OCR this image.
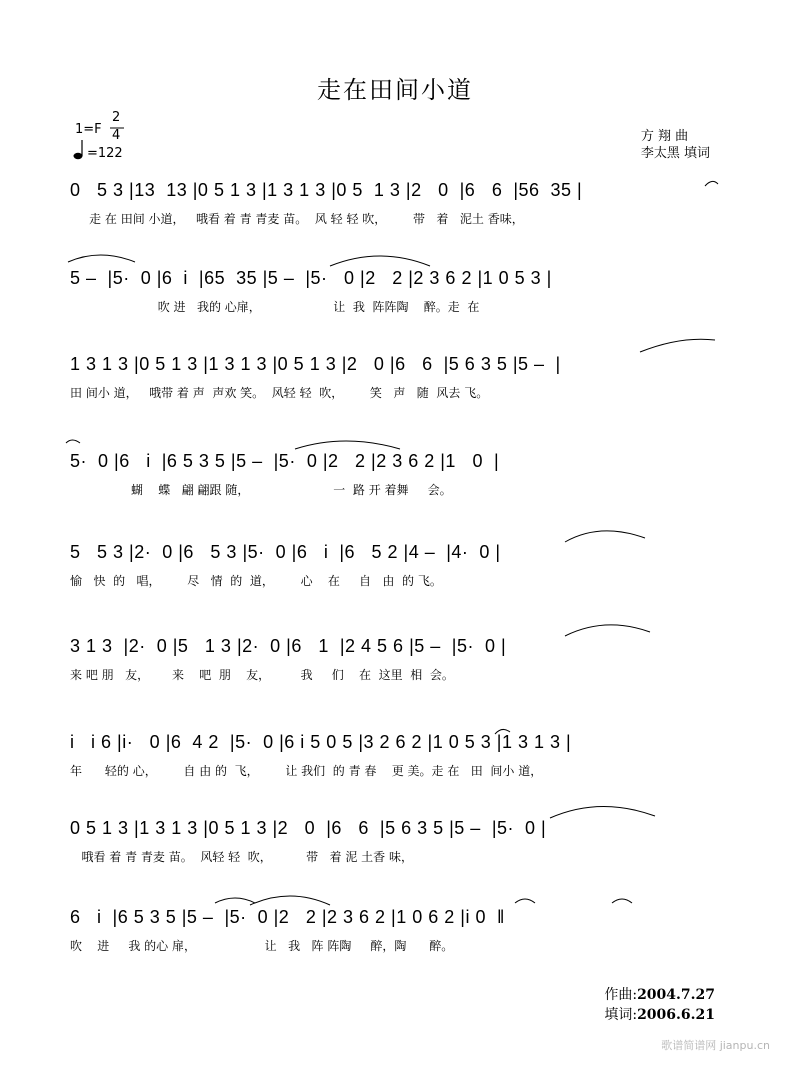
走在田间小道
1=F
2
4
=122
方 翔 曲
李太黑 填词
0   5 3 |13  13 |0 5 1 3 |1 3 1 3 |0 5  1 3 |2   0  |6   6  |56  35 |
走 在 田间 小道，   哦看 着 青 青麦 苗。  风 轻 轻 吹，       带   着   泥土 香味，
5 –  |5·  0 |6  i  |65  35 |5 –  |5·   0 |2   2 |2 3 6 2 |1 0 5 3 |
吹 进   我的 心扉，                   让  我  阵阵陶    醉。走  在
1 3 1 3 |0 5 1 3 |1 3 1 3 |0 5 1 3 |2   0 |6   6  |5 6 3 5 |5 –  |
田 间小 道，   哦带 着 声  声欢 笑。  风轻 轻  吹，       笑   声   随  风去 飞。
5·  0 |6   i  |6 5 3 5 |5 –  |5·  0 |2   2 |2 3 6 2 |1   0  |
蝴    蝶   翩 翩跟 随，                      一  路 开 着舞     会。
5   5 3 |2·  0 |6   5 3 |5·  0 |6   i  |6   5 2 |4 –  |4·  0 |
愉   快  的   唱，       尽   情  的  道，       心    在     自   由  的 飞。
3 1 3  |2·  0 |5   1 3 |2·  0 |6   1  |2 4 5 6 |5 –  |5·  0 |
来 吧 朋   友，      来    吧  朋    友，        我     们    在  这里  相  会。
i   i 6 |i·   0 |6  4 2  |5·  0 |6 i 5 0 5 |3 2 6 2 |1 0 5 3 |1 3 1 3 |
年      轻的 心，       自 由 的  飞，       让 我们  的 青 春    更 美。走 在   田  间小 道，
0 5 1 3 |1 3 1 3 |0 5 1 3 |2   0  |6   6  |5 6 3 5 |5 –  |5·  0 |
哦看 着 青 青麦 苗。  风轻 轻  吹，         带   着 泥 土香 味，
6   i  |6 5 3 5 |5 –  |5·  0 |2   2 |2 3 6 2 |1 0 6 2 |i 0  ‖
吹    进     我 的心 扉，                  让   我   阵 阵陶     醉，陶      醉。
作曲:2004.7.27
填词:2006.6.21
歌谱简谱网 jianpu.cn
